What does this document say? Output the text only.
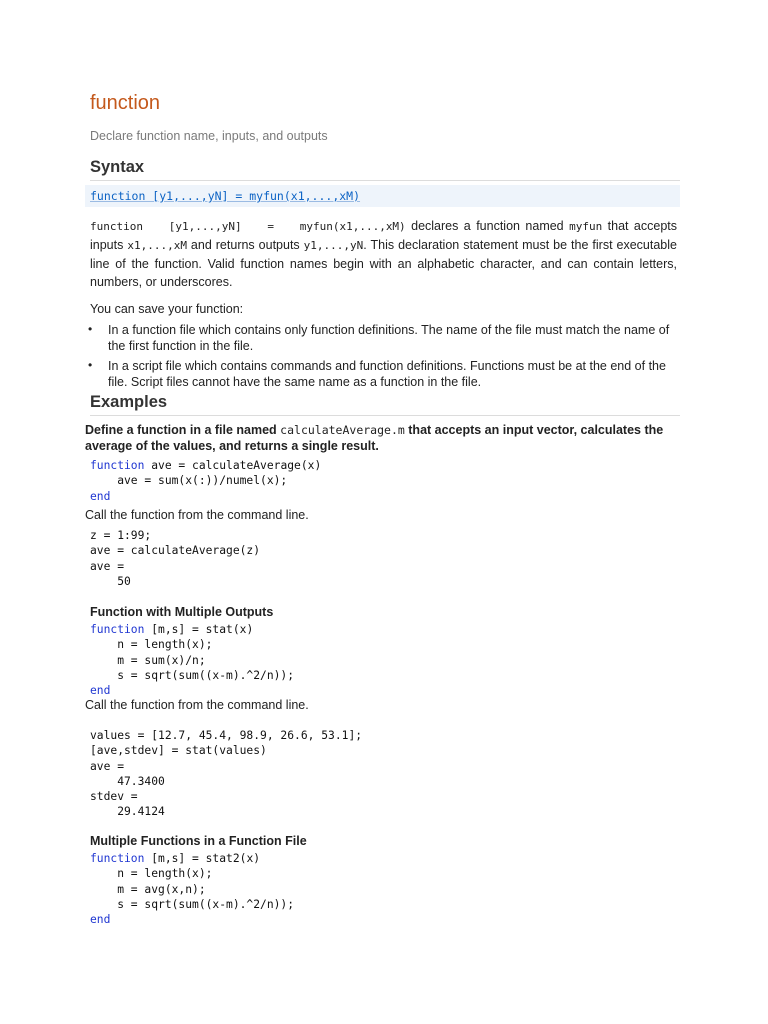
function
Declare function name, inputs, and outputs
Syntax
function [y1,...,yN] = myfun(x1,...,xM)
function   [y1,...,yN]   =   myfun(x1,...,xM) declares a function named myfun that accepts inputs x1,...,xM and returns outputs y1,...,yN. This declaration statement must be the first executable line of the function. Valid function names begin with an alphabetic character, and can contain letters, numbers, or underscores.
You can save your function:
• In a function file which contains only function definitions. The name of the file must match the name of the first function in the file.
• In a script file which contains commands and function definitions. Functions must be at the end of the file. Script files cannot have the same name as a function in the file.
Examples
Define a function in a file named calculateAverage.m that accepts an input vector, calculates the average of the values, and returns a single result.
function ave = calculateAverage(x)
ave = sum(x(:))/numel(x);
end
Call the function from the command line.
z = 1:99;
ave = calculateAverage(z)
ave =
50
Function with Multiple Outputs
function [m,s] = stat(x)
n = length(x);
m = sum(x)/n;
s = sqrt(sum((x-m).^2/n));
end
Call the function from the command line.
values = [12.7, 45.4, 98.9, 26.6, 53.1];
[ave,stdev] = stat(values)
ave =
47.3400
stdev =
29.4124
Multiple Functions in a Function File
function [m,s] = stat2(x)
n = length(x);
m = avg(x,n);
s = sqrt(sum((x-m).^2/n));
end
